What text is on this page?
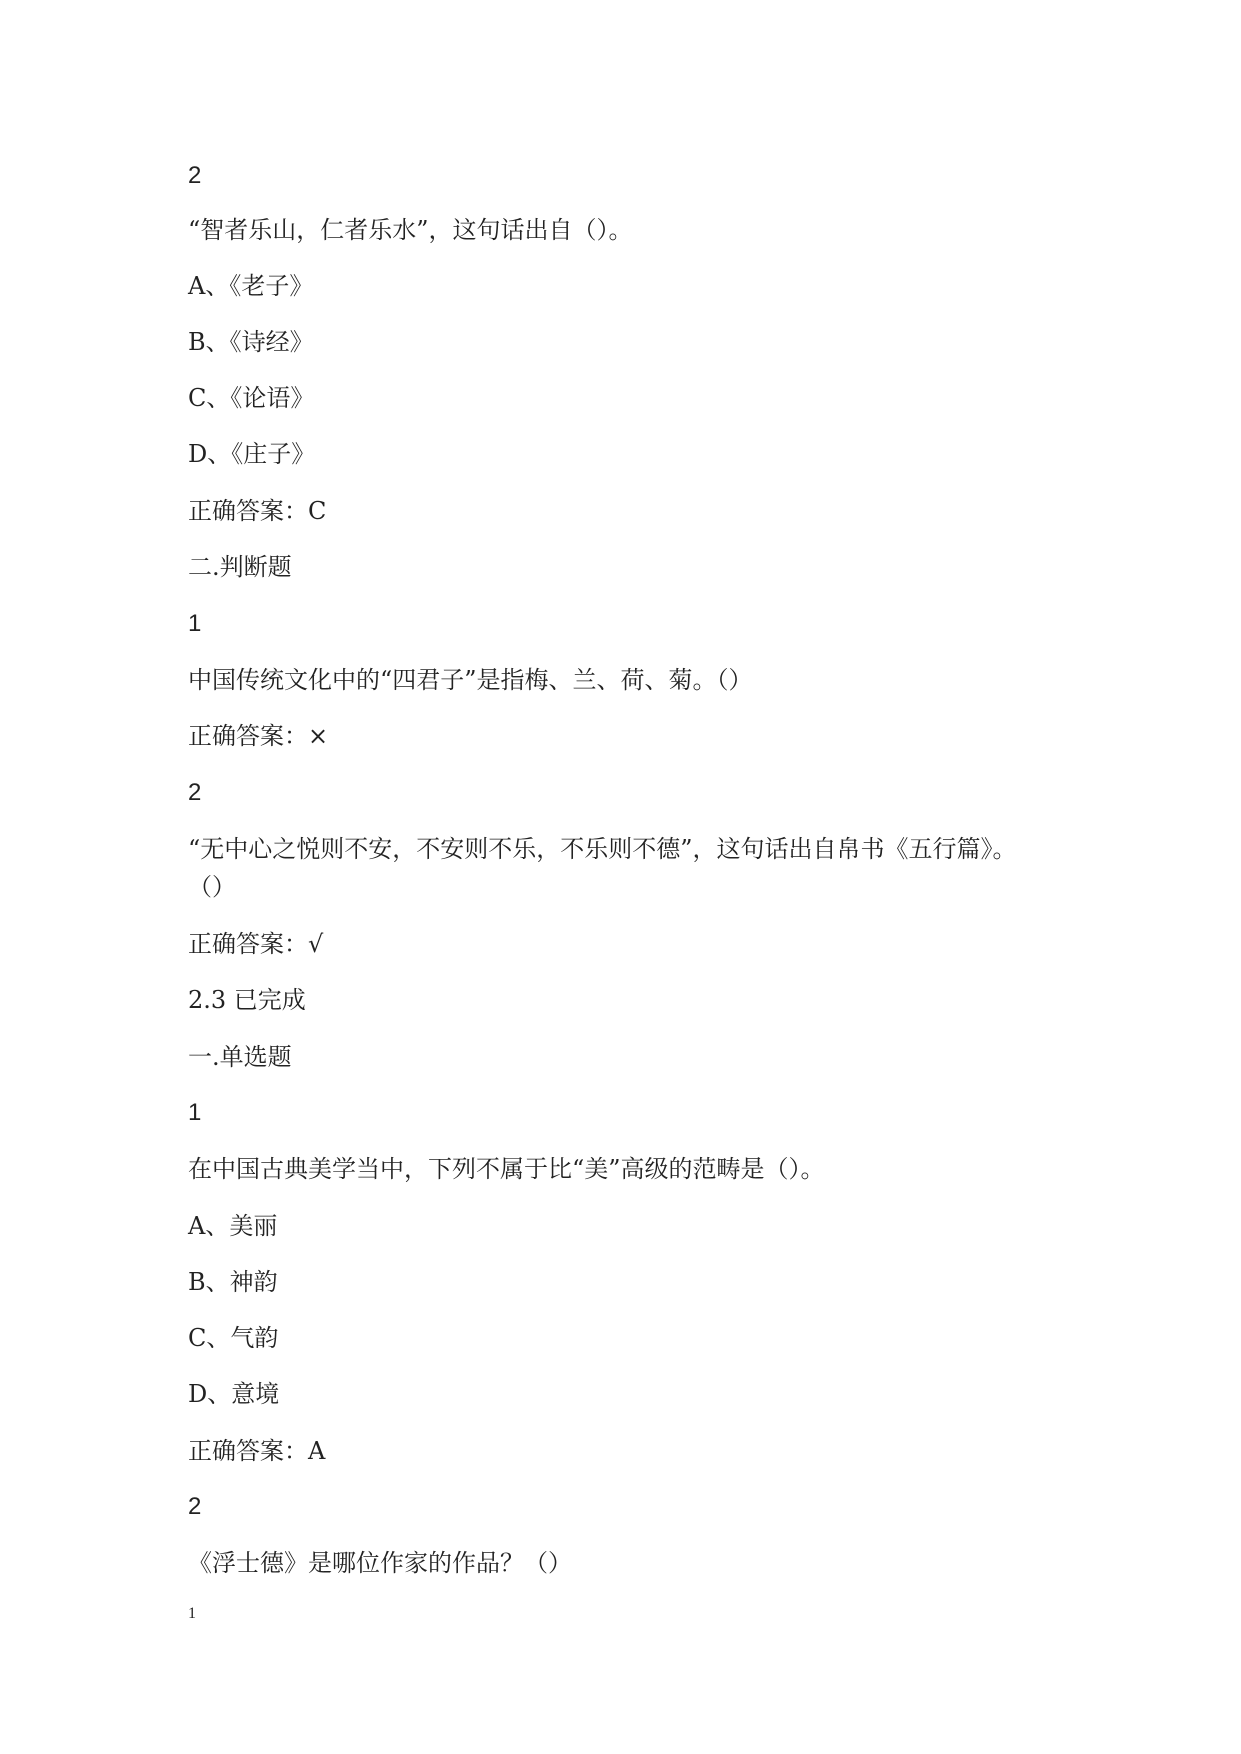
2
“智者乐山，仁者乐水”，这句话出自（）。
A、《老子》
B、《诗经》
C、《论语》
D、《庄子》
正确答案：C
二.判断题
1
中国传统文化中的“四君子”是指梅、兰、荷、菊。（）
正确答案：×
2
“无中心之悦则不安，不安则不乐，不乐则不德”，这句话出自帛书《五行篇》。
（）
正确答案：√
2.3 已完成
一.单选题
1
在中国古典美学当中，下列不属于比“美”高级的范畴是（）。
A、美丽
B、神韵
C、气韵
D、意境
正确答案：A
2
《浮士德》是哪位作家的作品？（）
1
